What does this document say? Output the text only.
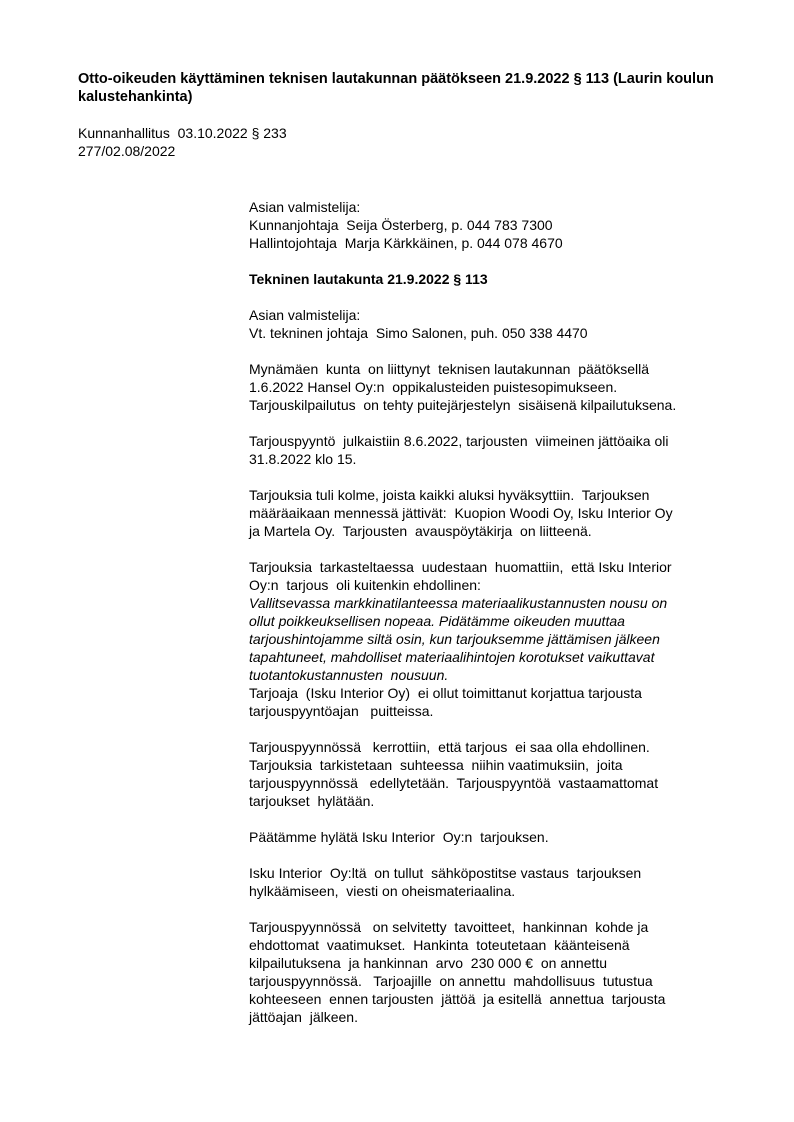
Otto-oikeuden käyttäminen teknisen lautakunnan päätökseen 21.9.2022 § 113 (Laurin koulun kalustehankinta)
Kunnanhallitus  03.10.2022 § 233
277/02.08/2022

Asian valmistelija:
Kunnanjohtaja  Seija Österberg, p. 044 783 7300
Hallintojohtaja  Marja Kärkkäinen, p. 044 078 4670

Tekninen lautakunta 21.9.2022 § 113

Asian valmistelija:
Vt. tekninen johtaja  Simo Salonen, puh. 050 338 4470

Mynämäen  kunta  on liittynyt  teknisen lautakunnan  päätöksellä
1.6.2022 Hansel Oy:n  oppikalusteiden puistesopimukseen.
Tarjouskilpailutus  on tehty puitejärjestelyn  sisäisenä kilpailutuksena.

Tarjouspyyntö  julkaistiin 8.6.2022, tarjousten  viimeinen jättöaika oli
31.8.2022 klo 15.

Tarjouksia tuli kolme, joista kaikki aluksi hyväksyttiin.  Tarjouksen
määräaikaan mennessä jättivät:  Kuopion Woodi Oy, Isku Interior Oy
ja Martela Oy.  Tarjousten  avauspöytäkirja  on liitteenä.

Tarjouksia  tarkasteltaessa  uudestaan  huomattiin,  että Isku Interior
Oy:n  tarjous  oli kuitenkin ehdollinen:
Vallitsevassa markkinatilanteessa materiaalikustannusten nousu on
ollut poikkeuksellisen nopeaa. Pidätämme oikeuden muuttaa
tarjoushintojamme siltä osin, kun tarjouksemme jättämisen jälkeen
tapahtuneet, mahdolliset materiaalihintojen korotukset vaikuttavat
tuotantokustannusten  nousuun.
Tarjoaja  (Isku Interior Oy)  ei ollut toimittanut korjattua tarjousta
tarjouspyyntöajan   puitteissa.

Tarjouspyynnössä   kerrottiin,  että tarjous  ei saa olla ehdollinen.
Tarjouksia  tarkistetaan  suhteessa  niihin vaatimuksiin,  joita
tarjouspyynnössä   edellytetään.  Tarjouspyyntöä  vastaamattomat
tarjoukset  hylätään.

Päätämme hylätä Isku Interior  Oy:n  tarjouksen.

Isku Interior  Oy:ltä  on tullut  sähköpostitse vastaus  tarjouksen
hylkäämiseen,  viesti on oheismateriaalina.

Tarjouspyynnössä   on selvitetty  tavoitteet,  hankinnan  kohde ja
ehdottomat  vaatimukset.  Hankinta  toteutetaan  käänteisenä
kilpailutuksena  ja hankinnan  arvo  230 000 €  on annettu
tarjouspyynnössä.   Tarjoajille  on annettu  mahdollisuus  tutustua
kohteeseen  ennen tarjousten  jättöä  ja esitellä  annettua  tarjousta
jättöajan  jälkeen.
